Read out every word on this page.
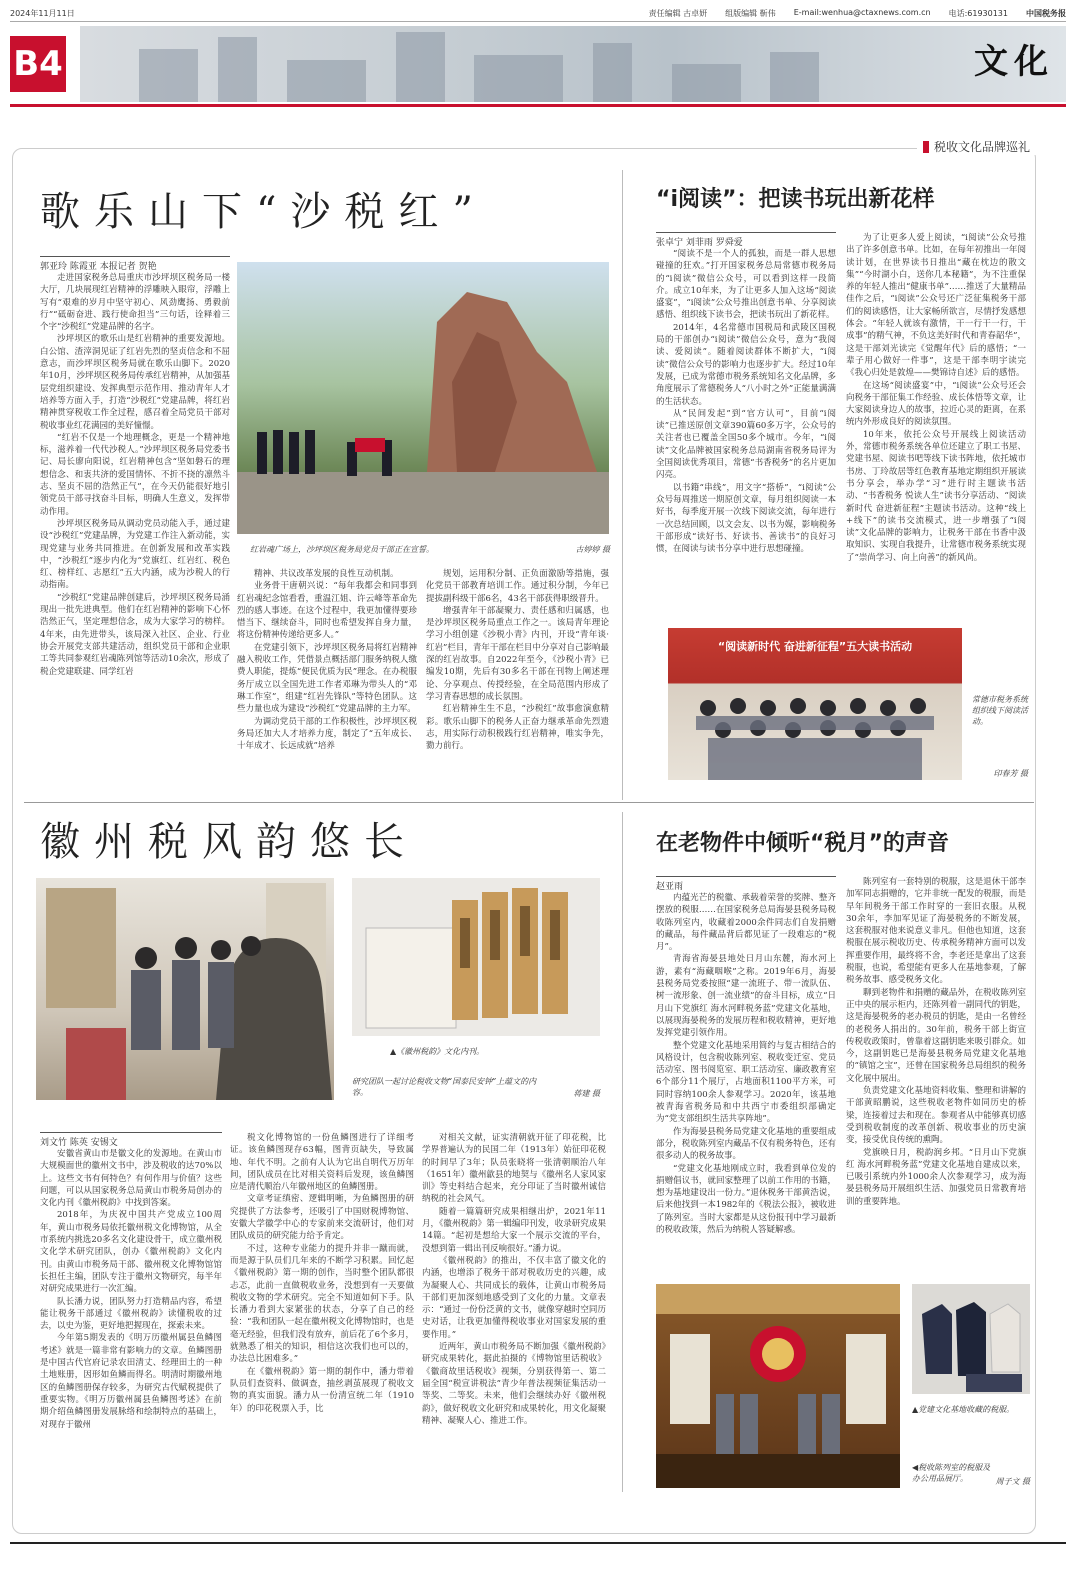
2024年11月11日	责任编辑 古卓妍 组版编辑 靳伟 E-mail:wenhua@ctaxnews.com.cn 电话:61930131 中国税务报
B4	文化
税收文化品牌巡礼
歌乐山下“沙税红”
郭亚玲 陈霞亚 本报记者 贺艳

走进国家税务总局重庆市沙坪坝区税务局一楼大厅，几块展现红岩精神的浮雕映入眼帘，浮雕上写有“艰难的岁月中坚守初心、风劲鹰扬、勇毅前行”“砥砺奋进、践行使命担当”三句话，诠释着三个字“沙税红”党建品牌的名字。

沙坪坝区的歌乐山是红岩精神的重要发源地。白公馆、渣滓洞见证了红岩先烈的坚贞信念和不屈意志，而沙坪坝区税务局就在歌乐山脚下。2020年10月，沙坪坝区税务局传承红岩精神，从加强基层党组织建设、发挥典型示范作用、推动青年人才培养等方面入手，打造“沙税红”党建品牌，将红岩精神贯穿税收工作全过程，感召着全局党员干部对税收事业红花满园的美好憧憬。

“红岩不仅是一个地理概念，更是一个精神地标，滋养着一代代沙税人。”沙坪坝区税务局党委书记、局长廖向阳说，红岩精神包含“坚如磐石的理想信念、和衷共济的爱国情怀、不折不挠的凛然斗志、坚贞不屈的浩然正气”，在今天仍能很好地引领党员干部寻找奋斗目标，明确人生意义，发挥带动作用。

沙坪坝区税务局从调动党员动能入手，通过建设“沙税红”党建品牌，为党建工作注入新动能，实现党建与业务共同推进。在创新发展和改革实践中，“沙税红”逐步内化为“党旗红、红岩红、税色红、榜样红、志愿红”五大内涵，成为沙税人的行动指南。

“沙税红”党建品牌创建后，沙坪坝区税务局涌现出一批先进典型。他们在红岩精神的影响下心怀浩然正气，坚定理想信念，成为大家学习的榜样。4年来，由先进带头，该局深入社区、企业、行业协会开展党支部共建活动，组织党员干部和企业职工等共同参观红岩魂陈列馆等活动10余次，形成了税企党建联建、同学红岩

红岩魂广场上，沙坪坝区税务局党员干部正在宣誓。	古婷婷 摄

精神、共议改革发展的良性互动机制。

业务骨干唐朝兴说：“每年我都会和同事到红岩魂纪念馆看看，重温江姐、许云峰等革命先烈的感人事迹。在这个过程中，我更加懂得要珍惜当下、继续奋斗，同时也希望发挥自身力量，将这份精神传递给更多人。”

在党建引领下，沙坪坝区税务局将红岩精神融入税收工作，凭借景点概括部门服务纳税人缴费人职能，提炼“便民优质为民”理念。在办税服务厅成立以全国先进工作者邓琳为带头人的“邓琳工作室”，组建“红岩先锋队”等特色团队。这些力量也成为建设“沙税红”党建品牌的主力军。

为调动党员干部的工作积极性，沙坪坝区税务局还加大人才培养力度，制定了“五年成长、十年成才、长远成就”培养

规划，运用积分制、正负面激励等措施，强化党员干部教育培训工作。通过积分制，今年已提拔副科级干部6名，43名干部获得职级晋升。

增强青年干部凝聚力、责任感和归属感，也是沙坪坝区税务局重点工作之一。该局青年理论学习小组创建《沙税小青》内刊，开设“青年谈·红岩”栏目，青年干部在栏目中分享对自己影响最深的红岩故事。自2022年至今，《沙税小青》已编发10期，先后有30多名干部在刊物上阐述理论、分享观点、传授经验，在全局范围内形成了学习青春思想的成长氛围。

红岩精神生生不息，“沙税红”故事愈演愈精彩。歌乐山脚下的税务人正奋力继承革命先烈遗志，用实际行动积极践行红岩精神，唯实争先，勠力前行。

“i阅读”：把读书玩出新花样
张卓宁 刘菲雨 罗舜爱

“阅读不是一个人的孤独，而是一群人思想碰撞的狂欢。”打开国家税务总局常德市税务局的“i阅读”微信公众号，可以看到这样一段简介。成立10年来，为了让更多人加入这场“阅读盛宴”，“i阅读”公众号推出创意书单、分享阅读感悟、组织线下读书会，把读书玩出了新花样。

2014年，4名常德市国税局和武陵区国税局的干部创办“i阅读”微信公众号，意为“我阅读、爱阅读”。随着阅读群体不断扩大，“i阅读”微信公众号的影响力也逐步扩大。经过10年发展，已成为常德市税务系统知名文化品牌，多角度展示了常德税务人“八小时之外”正能量满满的生活状态。

从“民间发起”到“官方认可”，目前“i阅读”已推送原创文章390篇60多万字，公众号的关注者也已覆盖全国50多个城市。今年，“i阅读”文化品牌被国家税务总局湖南省税务局评为全国阅读优秀项目，常德“书香税务”的名片更加闪亮。

以书籍“串线”，用文字“搭桥”，“i阅读”公众号每周推送一期原创文章，每月组织阅读一本好书，每季度开展一次线下阅读交流，每年进行一次总结回顾，以文会友、以书为媒，影响税务干部形成“读好书、好读书、善读书”的良好习惯，在阅读与读书分享中进行思想碰撞。

为了让更多人爱上阅读，“i阅读”公众号推出了许多创意书单。比如，在每年初推出一年阅读计划，在世界读书日推出“藏在枕边的散文集”“今时湖小白，送你几本秘籍”，为不注重保养的年轻人推出“健康书单”……推送了大量精品佳作之后，“i阅读”公众号还广泛征集税务干部们的阅读感悟，让大家畅所欲言，尽情抒发感想体会。“年轻人就该有激情，干一行干一行，干成事”的精气神，不负这美好时代和青春韶华”，这是干部刘光读完《觉醒年代》后的感悟；“一辈子用心做好一件事”，这是干部李明宇读完《我心归处是敦煌——樊锦诗自述》后的感悟。

在这场“阅读盛宴”中，“i阅读”公众号还会向税务干部征集工作经验、成长体悟等文章，让大家阅读身边人的故事，拉近心灵的距离，在系统内外形成良好的阅读氛围。

10年来，依托公众号开展线上阅读活动外，常德市税务系统各单位还建立了职工书屋、党建书屋、阅读书吧等线下读书阵地，依托城市书房、丁玲故居等红色教育基地定期组织开展读书分享会，举办学“习”进行时主题读书活动、“书香税务 悦读人生”读书分享活动、“阅读新时代 奋进新征程”主题读书活动。这种“线上+线下”的读书交流模式，进一步增强了“i阅读”文化品牌的影响力，让税务干部在书香中汲取知识、实现自我提升，让常德市税务系统实现了“崇尚学习、向上向善”的新风尚。

“阅读新时代 奋进新征程”五大读书活动
常德市税务系统组织线下阅读活动。
印春芳 摄
徽州税风韵悠长
▲《徽州税韵》文化内刊。
研究团队一起讨论税收文物“国泰民安钟”上蕴文的内容。	蒋建 摄
刘文竹 陈英 安锡文

安徽省黄山市是徽文化的发源地。在黄山市大规模面世的徽州文书中，涉及税收的达70%以上。这些文书有何特色？有何作用与价值？这些问题，可以从国家税务总局黄山市税务局创办的文化内刊《徽州税韵》中找到答案。

2018年，为庆祝中国共产党成立100周年，黄山市税务局依托徽州税文化博物馆，从全市系统内挑选20多名文化建设骨干，成立徽州税文化学术研究团队，创办《徽州税韵》文化内刊。由黄山市税务局干部、徽州税文化博物馆馆长担任主编，团队专注于徽州文物研究，每半年对研究成果进行一次汇编。

队长潘力说，团队努力打造精品内容，希望能让税务干部通过《徽州税韵》读懂税收的过去，以史为鉴，更好地把握现在，探索未来。

今年第5期发表的《明万历徽州属县鱼鳞图考述》就是一篇非常有影响力的文章。鱼鳞图册是中国古代官府记录农田清丈、经理田土的一种土地账册，因形如鱼鳞而得名。明清时期徽州地区的鱼鳞图册保存较多，为研究古代赋税提供了重要实物。《明万历徽州属县鱼鳞图考述》在前期介绍鱼鳞图册发展脉络和绘制特点的基础上，对现存于徽州

税文化博物馆的一份鱼鳞图进行了详细考证。该鱼鳞图现存63幅，图背页缺失，导致属地、年代不明。之前有人认为它出自明代万历年间，团队成员在比对相关资料后发现，该鱼鳞图应是清代顺治八年徽州地区的鱼鳞图册。

文章考证缜密、逻辑明晰，为鱼鳞图册的研究提供了方法参考，还吸引了中国财税博物馆、安徽大学徽学中心的专家前来交流研讨，他们对团队成员的研究能力给予肯定。

不过，这种专业能力的提升并非一蹴而就，而是源于队员们几年来的不断学习积累。回忆起《徽州税韵》第一期的创作，当时整个团队都很忐忑，此前一直做税收业务，没想到有一天要做税收文物的学术研究。完全不知道如何下手。队长潘力看到大家紧张的状态，分享了自己的经验：“我和团队一起在徽州税文化博物馆时，也是毫无经验，但我们没有放弃，前后花了6个多月，就熟悉了相关的知识，相信这次我们也可以的，办法总比困难多。”

在《徽州税韵》第一期的制作中，潘力带着队员们查资料、做调查，抽丝剥茧展现了税收文物的真实面貌。潘力从一份清宣统二年（1910年）的印花税票入手，比

对相关文献，证实清朝就开征了印花税，比学界普遍认为的民国二年（1913年）始征印花税的时间早了3年；队员张晓将一张清朝顺治八年（1651年）徽州歙县的地契与《徽州名人家风家训》等史料结合起来，充分印证了当时徽州诚信纳税的社会风气。

随着一篇篇研究成果相继出炉，2021年11月，《徽州税韵》第一辑编印刊发，收录研究成果14篇。“起初是想给大家一个展示交流的平台，没想到第一辑出刊反响很好。”潘力说。

《徽州税韵》的推出，不仅丰富了徽文化的内涵，也增添了税务干部对税收历史的兴趣，成为凝聚人心、共同成长的载体，让黄山市税务局干部们更加深刻地感受到了文化的力量。文章表示：“通过一份份泛黄的文书，就像穿越时空同历史对话，让我更加懂得税收事业对国家发展的重要作用。”

近两年，黄山市税务局不断加强《徽州税韵》研究成果转化，据此拍摄的《博物馆里话税收》《徽商故里话税收》视频，分别获得第一、第二届全国“税宣讲税法”青少年普法视频征集活动一等奖、二等奖。未来，他们会继续办好《徽州税韵》，做好税收文化研究和成果转化，用文化凝聚精神、凝聚人心、推进工作。

在老物件中倾听“税月”的声音
赵亚雨

内蕴光芒的税徽、承载着荣誉的奖牌、整齐摆放的税服……在国家税务总局海晏县税务局税收陈列室内，收藏着2000余件同志们自发捐赠的藏品，每件藏品背后都见证了一段难忘的“税月”。

青海省海晏县地处日月山东麓，海水河上游，素有“海藏咽喉”之称。2019年6月，海晏县税务局党委按照“建一流班子、带一流队伍、树一流形象、创一流业绩”的奋斗目标，成立“日月山下党旗红 海水河畔税务蓝”党建文化基地，以展现海晏税务的发展历程和税收精神，更好地发挥党建引领作用。

整个党建文化基地采用简约与复古相结合的风格设计，包含税收陈列室、税收变迁室、党员活动室、图书阅览室、职工活动室、廉政教育室6个部分11个展厅，占地面积1100平方米，可同时容纳100余人参观学习。2020年，该基地被青海省税务局和中共西宁市委组织部确定为“党支部组织生活共享阵地”。

作为海晏县税务局党建文化基地的重要组成部分，税收陈列室内藏品不仅有税务特色，还有很多动人的税务故事。

“党建文化基地刚成立时，我看到单位发的捐赠倡议书，就回家整理了以前工作用的书籍，想为基地建设出一份力。”退休税务干部黄浩说，后来他找到一本1982年的《税法公报》，被收进了陈列室。当时大家都是从这份报刊中学习最新的税收政策，然后为纳税人答疑解惑。

陈列室有一套特别的税服，这是退休干部李加军同志捐赠的，它并非统一配发的税服，而是早年间税务干部工作时穿的一套旧衣服。从税30余年，李加军见证了海晏税务的不断发展，这套税服对他来说意义非凡。但他也知道，这套税服在展示税收历史、传承税务精神方面可以发挥重要作用，最终将不舍，李老还是拿出了这套税服，也说，希望能有更多人在基地参观，了解税务故事、感受税务文化。

聊到老物件和捐赠的藏品外，在税收陈列室正中央的展示柜内，还陈列着一副同代的钥匙，这是海晏税务的老办税员的钥匙，是由一名曾经的老税务人捐出的。30年前，税务干部上街宣传税收政策时，曾靠着这副钥匙来吸引群众。如今，这副钥匙已是海晏县税务局党建文化基地的“镇馆之宝”，还曾在国家税务总局组织的税务文化展中展出。

负责党建文化基地资料收集、整理和讲解的干部黄昭鹏说，这些税收老物件如同历史的桥梁，连接着过去和现在。参观者从中能够真切感受到税收制度的改革创新、税收事业的历史演变，接受优良传统的熏陶。

党旗映日月，税韵润乡邦。“日月山下党旗红 海水河畔税务蓝”党建文化基地自建成以来，已吸引系统内外1000余人次参观学习，成为海晏县税务局开展组织生活、加强党员日常教育培训的重要阵地。

▲党建文化基地收藏的税服。
◀税收陈列室的税服及办公用品展厅。	周子文 摄
